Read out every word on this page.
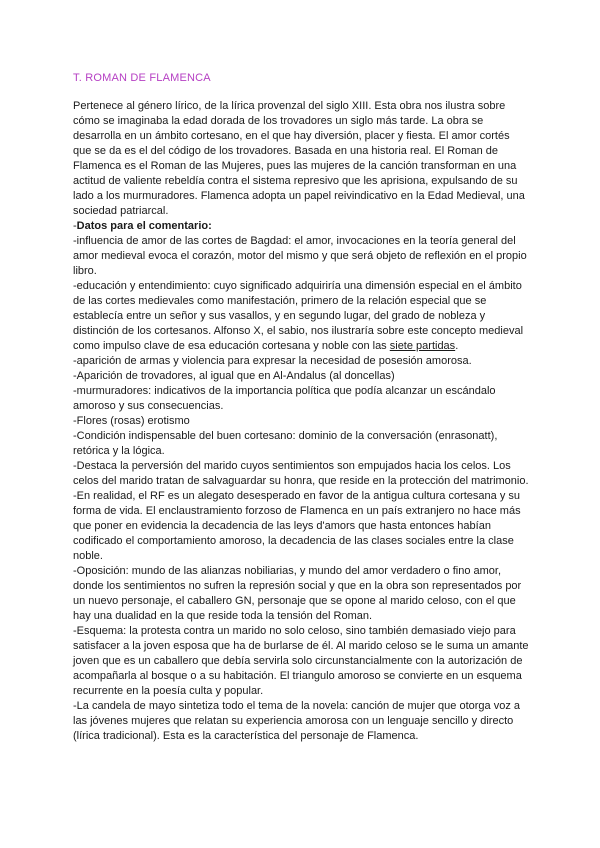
T. ROMAN DE FLAMENCA

Pertenece al género lírico, de la lírica provenzal del siglo XIII. Esta obra nos ilustra sobre cómo se imaginaba la edad dorada de los trovadores un siglo más tarde. La obra se desarrolla en un ámbito cortesano, en el que hay diversión, placer y fiesta. El amor cortés que se da es el del código de los trovadores. Basada en una historia real. El Roman de Flamenca es el Roman de las Mujeres, pues las mujeres de la canción transforman en una actitud de valiente rebeldía contra el sistema represivo que les aprisiona, expulsando de su lado a los murmuradores. Flamenca adopta un papel reivindicativo en la Edad Medieval, una sociedad patriarcal.

-Datos para el comentario:

-influencia de amor de las cortes de Bagdad: el amor, invocaciones en la teoría general del amor medieval evoca el corazón, motor del mismo y que será objeto de reflexión en el propio libro.

-educación y entendimiento: cuyo significado adquiriría una dimensión especial en el ámbito de las cortes medievales como manifestación, primero de la relación especial que se establecía entre un señor y sus vasallos, y en segundo lugar, del grado de nobleza y distinción de los cortesanos. Alfonso X, el sabio, nos ilustraría sobre este concepto medieval como impulso clave de esa educación cortesana y noble con las siete partidas.

-aparición de armas y violencia para expresar la necesidad de posesión amorosa.

-Aparición de trovadores, al igual que en Al-Andalus (al doncellas)

-murmuradores: indicativos de la importancia política que podía alcanzar un escándalo amoroso y sus consecuencias.

-Flores (rosas) erotismo

-Condición indispensable del buen cortesano: dominio de la conversación (enrasonatt), retórica y la lógica.

-Destaca la perversión del marido cuyos sentimientos son empujados hacia los celos. Los celos del marido tratan de salvaguardar su honra, que reside en la protección del matrimonio.

-En realidad, el RF es un alegato desesperado en favor de la antigua cultura cortesana y su forma de vida. El enclaustramiento forzoso de Flamenca en un país extranjero no hace más que poner en evidencia la decadencia de las leys d'amors que hasta entonces habían codificado el comportamiento amoroso, la decadencia de las clases sociales entre la clase noble.

-Oposición: mundo de las alianzas nobiliarias, y mundo del amor verdadero o fino amor, donde los sentimientos no sufren la represión social y que en la obra son representados por un nuevo personaje, el caballero GN, personaje que se opone al marido celoso, con el que hay una dualidad en la que reside toda la tensión del Roman.

-Esquema: la protesta contra un marido no solo celoso, sino también demasiado viejo para satisfacer a la joven esposa que ha de burlarse de él. Al marido celoso se le suma un amante joven que es un caballero que debía servirla solo circunstancialmente con la autorización de acompañarla al bosque o a su habitación. El triangulo amoroso se convierte en un esquema recurrente en la poesía culta y popular.

-La candela de mayo sintetiza todo el tema de la novela: canción de mujer que otorga voz a las jóvenes mujeres que relatan su experiencia amorosa con un lenguaje sencillo y directo (lírica tradicional). Esta es la característica del personaje de Flamenca.
